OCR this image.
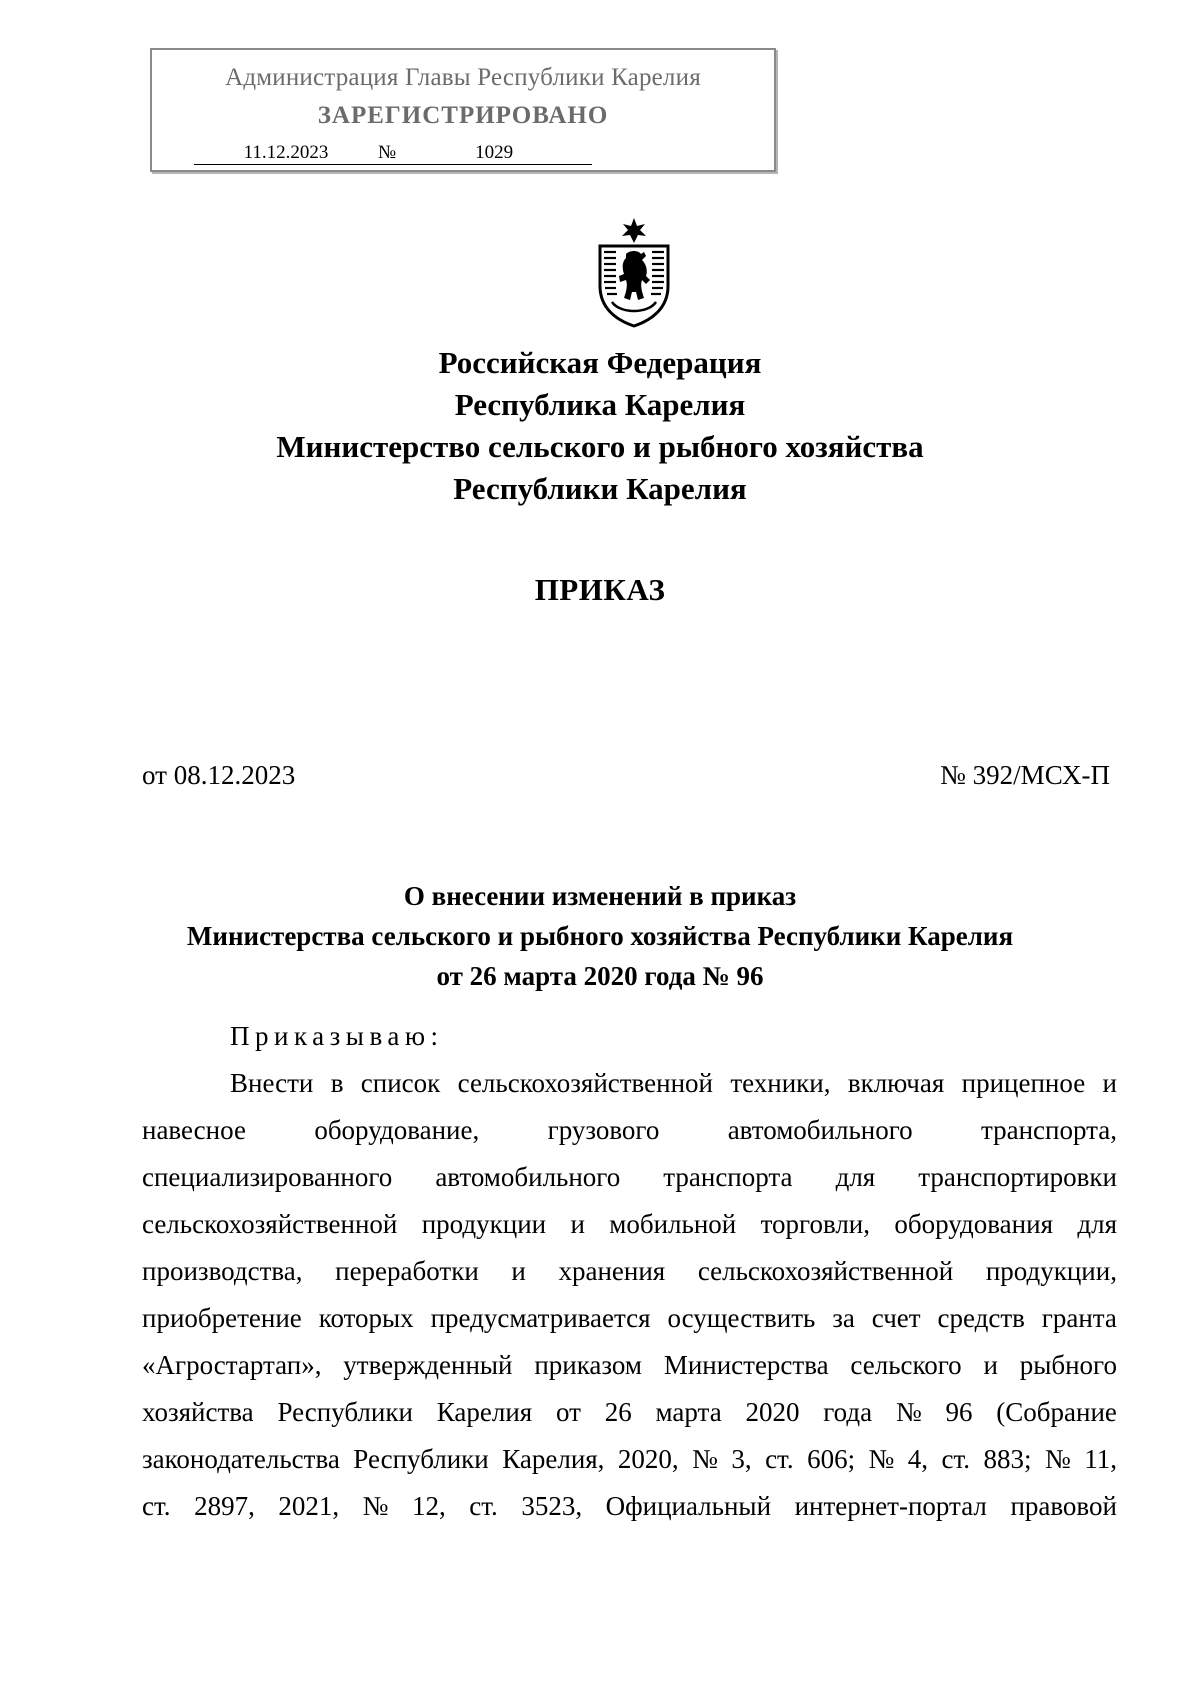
Администрация Главы Республики Карелия
ЗАРЕГИСТРИРОВАНО
11.12.2023	№	1029
Российская Федерация
Республика Карелия
Министерство сельского и рыбного хозяйства
Республики Карелия
ПРИКАЗ
от 08.12.2023	№ 392/МСХ-П
О внесении изменений в приказ
Министерства сельского и рыбного хозяйства Республики Карелия
от 26 марта 2020 года № 96
Приказываю:
Внести в список сельскохозяйственной техники, включая прицепное и
навесное	оборудование,	грузового	автомобильного	транспорта,
специализированного автомобильного транспорта для транспортировки
сельскохозяйственной продукции и мобильной торговли, оборудования для
производства, переработки и хранения сельскохозяйственной продукции,
приобретение которых предусматривается осуществить за счет средств гранта
«Агростартап», утвержденный приказом Министерства сельского и рыбного
хозяйства Республики Карелия от 26 марта 2020 года № 96 (Собрание
законодательства Республики Карелия, 2020, № 3, ст. 606; № 4, ст. 883; № 11,
ст. 2897, 2021, № 12, ст. 3523, Официальный интернет-портал правовой
